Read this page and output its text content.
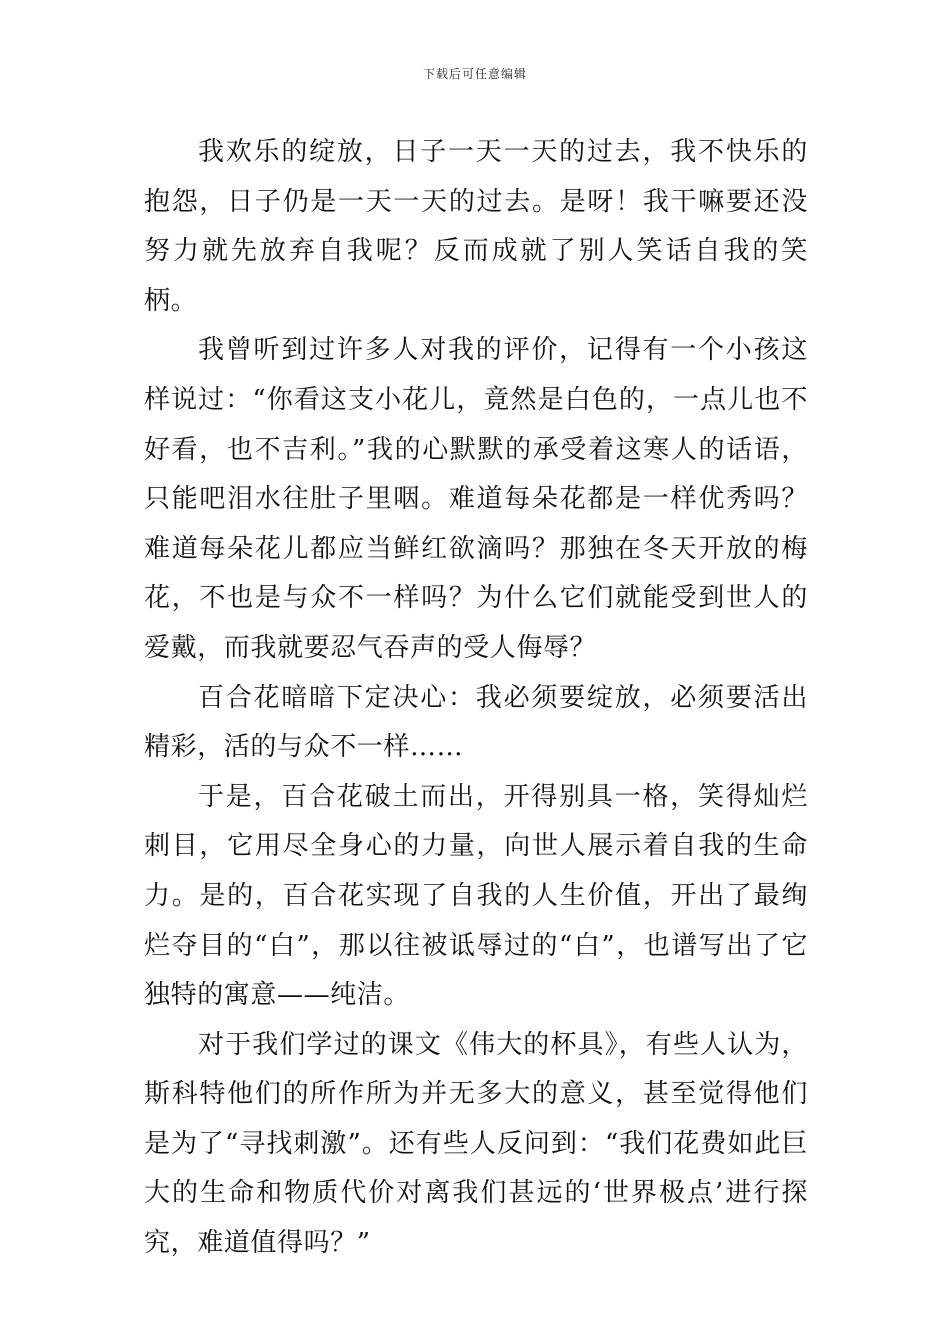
下载后可任意编辑

我欢乐的绽放，日子一天一天的过去，我不快乐的抱怨，日子仍是一天一天的过去。是呀！我干嘛要还没努力就先放弃自我呢？反而成就了别人笑话自我的笑柄。

我曾听到过许多人对我的评价，记得有一个小孩这样说过：“你看这支小花儿，竟然是白色的，一点儿也不好看，也不吉利。”我的心默默的承受着这寒人的话语，只能吧泪水往肚子里咽。难道每朵花都是一样优秀吗？难道每朵花儿都应当鲜红欲滴吗？那独在冬天开放的梅花，不也是与众不一样吗？为什么它们就能受到世人的爱戴，而我就要忍气吞声的受人侮辱？

百合花暗暗下定决心：我必须要绽放，必须要活出精彩，活的与众不一样……

于是，百合花破土而出，开得别具一格，笑得灿烂刺目，它用尽全身心的力量，向世人展示着自我的生命力。是的，百合花实现了自我的人生价值，开出了最绚烂夺目的“白”，那以往被诋辱过的“白”，也谱写出了它独特的寓意——纯洁。

对于我们学过的课文《伟大的杯具》，有些人认为，斯科特他们的所作所为并无多大的意义，甚至觉得他们是为了“寻找刺激”。还有些人反问到：“我们花费如此巨大的生命和物质代价对离我们甚远的‘世界极点’进行探究，难道值得吗？”
